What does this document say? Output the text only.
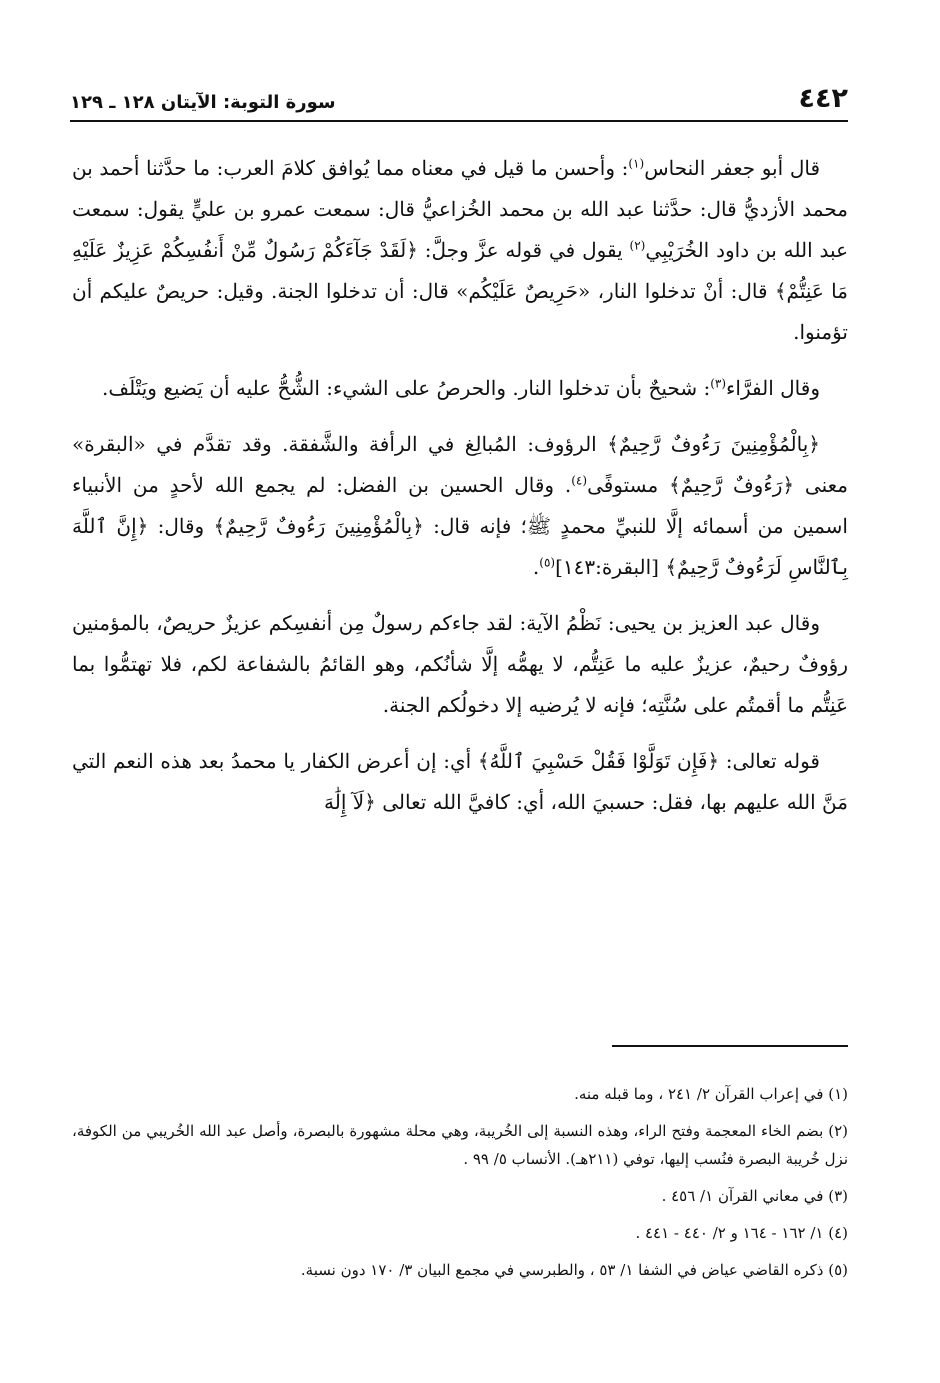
٤٤٢
سورة التوبة: الآيتان ١٢٨ ـ ١٢٩

قال أبو جعفر النحاس$^{(١)}$: وأحسن ما قيل في معناه مما يُوافق كلامَ العرب: ما حدَّثنا أحمد بن محمد الأزديُّ قال: حدَّثنا عبد الله بن محمد الخُزاعيُّ قال: سمعت عمرو بن عليٍّ يقول: سمعت عبد الله بن داود الخُرَيْبِي$^{(٢)}$ يقول في قوله عزَّ وجلَّ: ﴿لَقَدْ جَآءَكُمْ رَسُولٌ مِّنْ أَنفُسِكُمْ عَزِيزٌ عَلَيْهِ مَا عَنِتُّمْ﴾ قال: أنْ تدخلوا النار، «حَرِيصٌ عَلَيْكُم» قال: أن تدخلوا الجنة. وقيل: حريصٌ عليكم أن تؤمنوا.

وقال الفرَّاء$^{(٣)}$: شحيحٌ بأن تدخلوا النار. والحرصُ على الشيء: الشُّحُّ عليه أن يَضيع ويَتْلَف.

﴿بِالْمُؤْمِنِينَ رَءُوفٌ رَّحِيمٌ﴾ الرؤوف: المُبالِغ في الرأفة والشَّفقة. وقد تقدَّم في «البقرة» معنى ﴿رَءُوفٌ رَّحِيمٌ﴾ مستوفًى$^{(٤)}$. وقال الحسين بن الفضل: لم يجمع الله لأحدٍ من الأنبياء اسمين من أسمائه إلَّا للنبيِّ محمدٍ ﷺ؛ فإنه قال: ﴿بِالْمُؤْمِنِينَ رَءُوفٌ رَّحِيمٌ﴾ وقال: ﴿إِنَّ ٱللَّهَ بِٱلنَّاسِ لَرَءُوفٌ رَّحِيمٌ﴾ [البقرة:١٤٣]$^{(٥)}$.

وقال عبد العزيز بن يحيى: نَظْمُ الآية: لقد جاءكم رسولٌ مِن أنفسِكم عزيزٌ حريصٌ، بالمؤمنين رؤوفٌ رحيمٌ، عزيزٌ عليه ما عَنِتُّم، لا يهمُّه إلَّا شأنُكم، وهو القائمُ بالشفاعة لكم، فلا تهتمُّوا بما عَنِتُّم ما أقمتُم على سُنَّتِه؛ فإنه لا يُرضيه إلا دخولُكم الجنة.

قوله تعالى: ﴿فَإِن تَوَلَّوْا فَقُلْ حَسْبِيَ ٱللَّهُ﴾ أي: إن أعرض الكفار يا محمدُ بعد هذه النعم التي مَنَّ الله عليهم بها، فقل: حسبيَ الله، أي: كافيَّ الله تعالى ﴿لَآ إِلَٰهَ

(١) في إعراب القرآن ٢/ ٢٤١ ، وما قبله منه.
(٢) بضم الخاء المعجمة وفتح الراء، وهذه النسبة إلى الخُريبة، وهي محلة مشهورة بالبصرة، وأصل عبد الله الخُريبي من الكوفة، نزل خُريبة البصرة فنُسب إليها، توفي (٢١١هـ). الأنساب ٥/ ٩٩ .
(٣) في معاني القرآن ١/ ٤٥٦ .
(٤) ١/ ١٦٢ - ١٦٤ و ٢/ ٤٤٠ - ٤٤١ .
(٥) ذكره القاضي عياض في الشفا ١/ ٥٣ ، والطبرسي في مجمع البيان ٣/ ١٧٠ دون نسبة.
